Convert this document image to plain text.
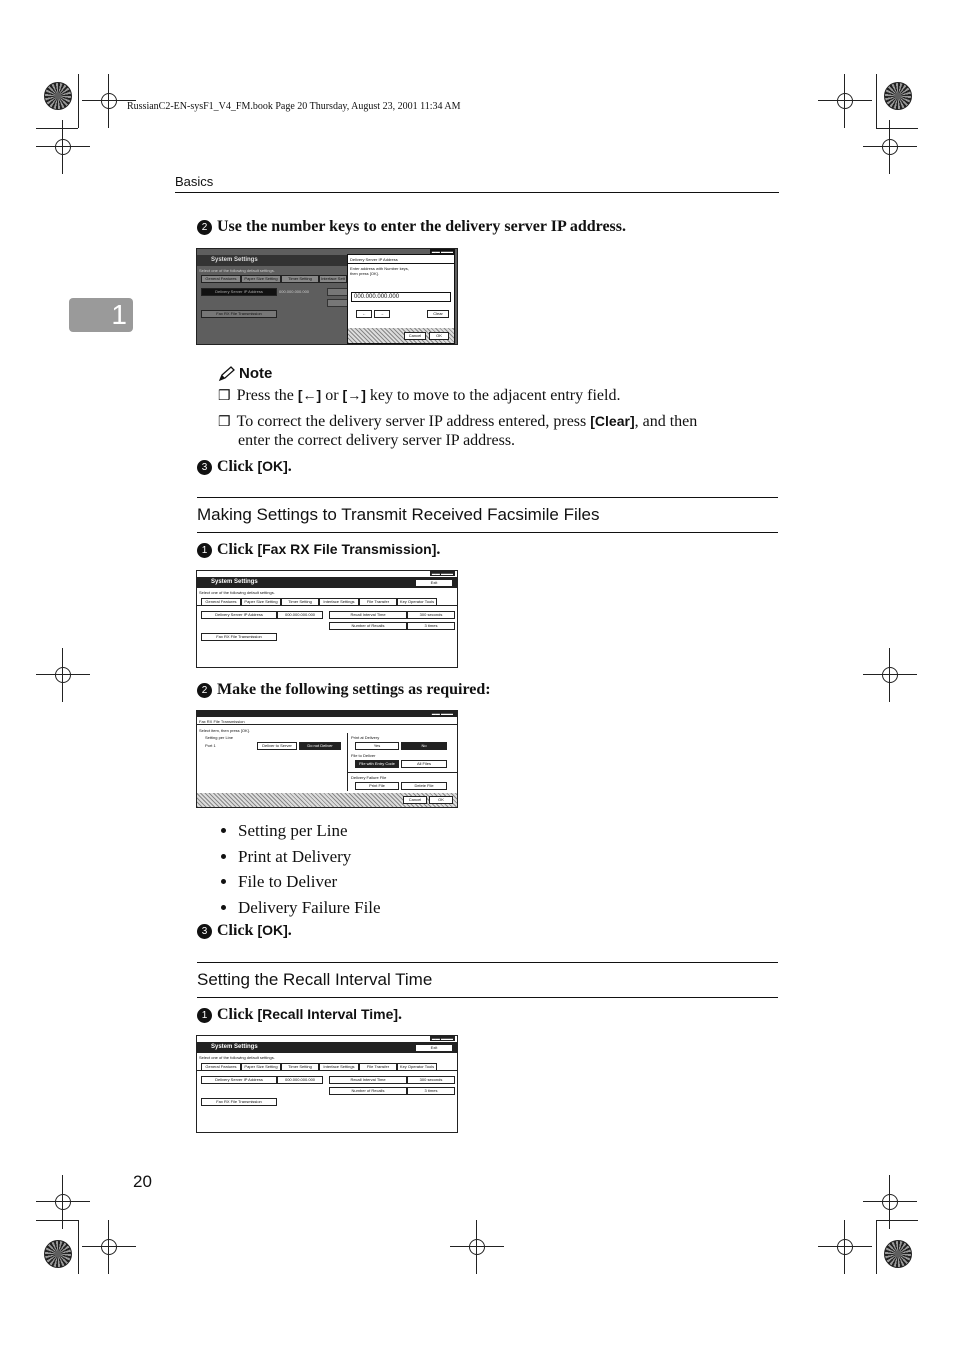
RussianC2-EN-sysF1_V4_FM.book Page 20 Thursday, August 23, 2001 11:34 AM
Basics
1
2 Use the number keys to enter the delivery server IP address.
▬▬ ▬▬▬
System Settings
Select one of the following default settings.
General Features	Paper Size Setting	Timer Setting	Interface Sett
Delivery Server IP Address	000.000.000.000
Fax RX File Transmission
Delivery Server IP Address
Enter address with Number keys,
then press [OK].
000.000.000.000
←	→	Clear
Cancel	OK
Note
❒ Press the [←] or [→] key to move to the adjacent entry field.
❒ To correct the delivery server IP address entered, press [Clear], and then
enter the correct delivery server IP address.
3 Click [OK].
Making Settings to Transmit Received Facsimile Files
1 Click [Fax RX File Transmission].
▬▬ ▬▬▬
System Settings	Exit
Select one of the following default settings.
General Features	Paper Size Setting	Timer Setting	Interface Settings	File Transfer	Key Operator Tools
Delivery Server IP Address	000.000.000.000	Recall Interval Time	300 seconds
Number of Recalls	3 times
Fax RX File Transmission
2 Make the following settings as required:
▬▬ ▬▬▬
Fax RX File Transmission
Select item, then press [OK].
Setting per Line
Port 1	Deliver to Server	Do not Deliver
Print at Delivery
Yes	No
File to Deliver
File with Entry Code	All Files
Delivery Failure File
Print File	Delete File
Cancel	OK
• Setting per Line
• Print at Delivery
• File to Deliver
• Delivery Failure File
3 Click [OK].
Setting the Recall Interval Time
1 Click [Recall Interval Time].
▬▬ ▬▬▬
System Settings	Exit
Select one of the following default settings.
General Features	Paper Size Setting	Timer Setting	Interface Settings	File Transfer	Key Operator Tools
Delivery Server IP Address	000.000.000.000	Recall Interval Time	300 seconds
Number of Recalls	3 times
Fax RX File Transmission
20
